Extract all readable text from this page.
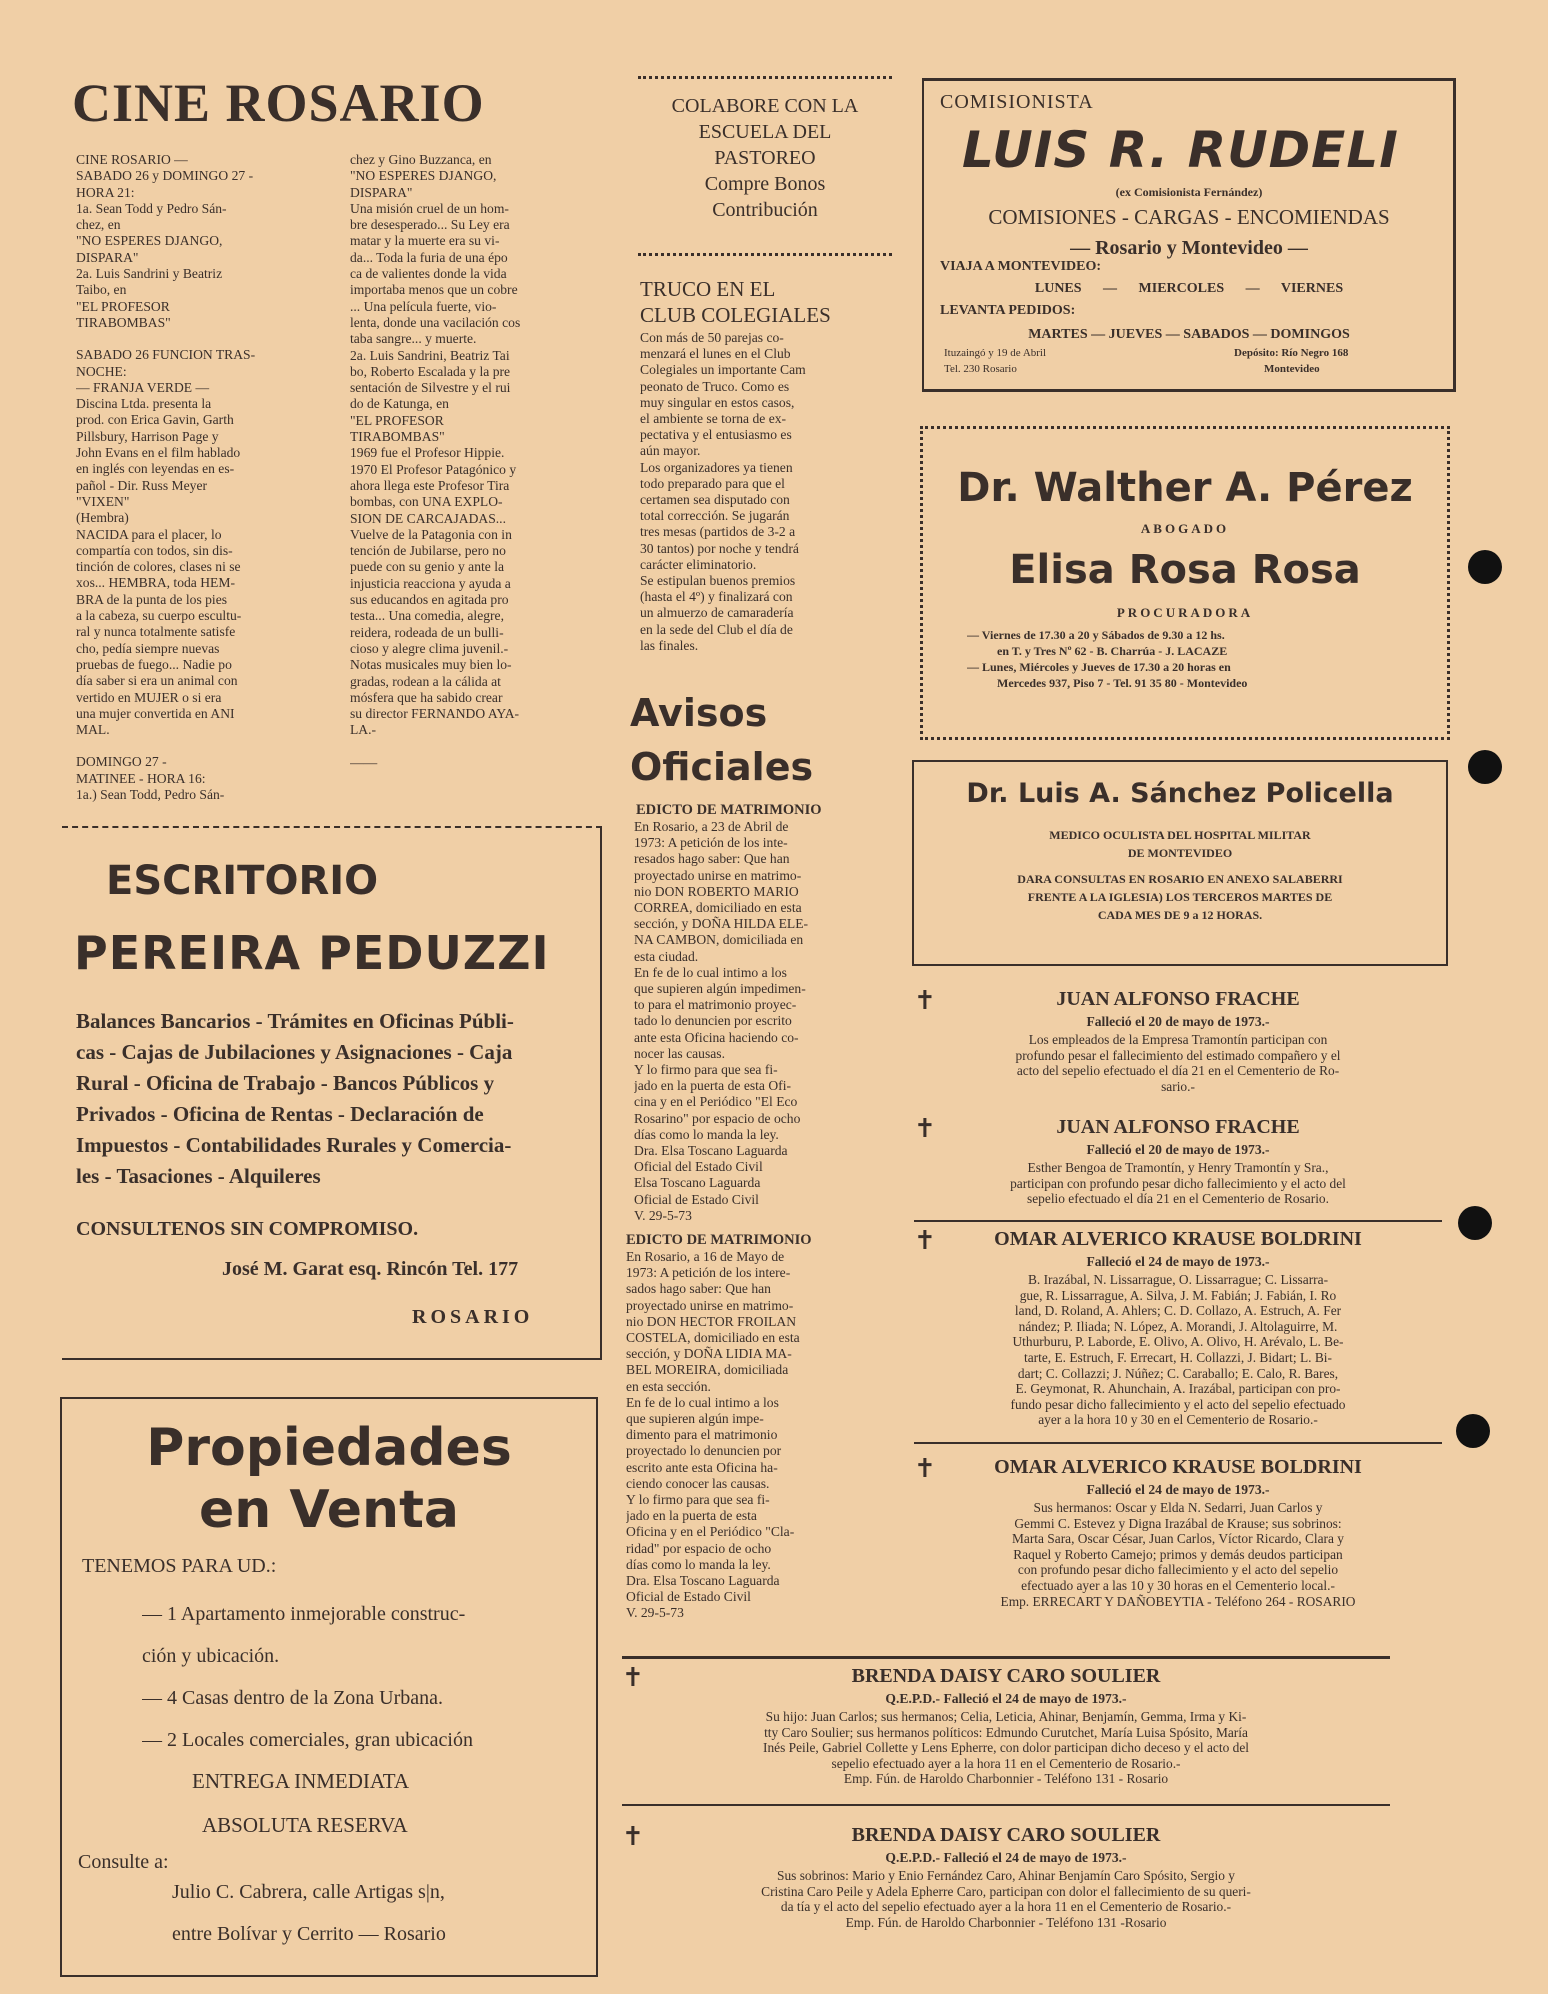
CINE ROSARIO
CINE ROSARIO —
SABADO 26 y DOMINGO 27 -
HORA 21:
1a. Sean Todd y Pedro Sán-
chez, en
"NO ESPERES DJANGO,
DISPARA"
2a. Luis Sandrini y Beatriz
Taibo, en
"EL PROFESOR
TIRABOMBAS"
SABADO 26 FUNCION TRAS-
NOCHE:
— FRANJA VERDE —
Discina Ltda. presenta la
prod. con Erica Gavin, Garth
Pillsbury, Harrison Page y
John Evans en el film hablado
en inglés con leyendas en es-
pañol - Dir. Russ Meyer
"VIXEN"
(Hembra)
NACIDA para el placer, lo
compartía con todos, sin dis-
tinción de colores, clases ni se
xos... HEMBRA, toda HEM-
BRA de la punta de los pies
a la cabeza, su cuerpo escultu-
ral y nunca totalmente satisfe
cho, pedía siempre nuevas
pruebas de fuego... Nadie po
día saber si era un animal con
vertido en MUJER o si era
una mujer convertida en ANI
MAL.
DOMINGO 27 -
MATINEE - HORA 16:
1a.) Sean Todd, Pedro Sán-
chez y Gino Buzzanca, en
"NO ESPERES DJANGO,
DISPARA"
Una misión cruel de un hom-
bre desesperado... Su Ley era
matar y la muerte era su vi-
da... Toda la furia de una épo
ca de valientes donde la vida
importaba menos que un cobre
... Una película fuerte, vio-
lenta, donde una vacilación cos
taba sangre... y muerte.
2a. Luis Sandrini, Beatriz Tai
bo, Roberto Escalada y la pre
sentación de Silvestre y el rui
do de Katunga, en
"EL PROFESOR
TIRABOMBAS"
1969 fue el Profesor Hippie.
1970 El Profesor Patagónico y
ahora llega este Profesor Tira
bombas, con UNA EXPLO-
SION DE CARCAJADAS...
Vuelve de la Patagonia con in
tención de Jubilarse, pero no
puede con su genio y ante la
injusticia reacciona y ayuda a
sus educandos en agitada pro
testa... Una comedia, alegre,
reidera, rodeada de un bulli-
cioso y alegre clima juvenil.-
Notas musicales muy bien lo-
gradas, rodean a la cálida at
mósfera que ha sabido crear
su director FERNANDO AYA-
LA.-
——
ESCRITORIO
PEREIRA PEDUZZI
Balances Bancarios - Trámites en Oficinas Públi-
cas - Cajas de Jubilaciones y Asignaciones - Caja
Rural - Oficina de Trabajo - Bancos Públicos y
Privados - Oficina de Rentas - Declaración de
Impuestos - Contabilidades Rurales y Comercia-
les - Tasaciones - Alquileres
CONSULTENOS SIN COMPROMISO.
José M. Garat esq. Rincón Tel. 177
ROSARIO
Propiedades
en Venta
TENEMOS PARA UD.:
— 1 Apartamento inmejorable construc-
ción y ubicación.
— 4 Casas dentro de la Zona Urbana.
— 2 Locales comerciales, gran ubicación
ENTREGA INMEDIATA
ABSOLUTA RESERVA
Consulte a:
Julio C. Cabrera, calle Artigas s|n,
entre Bolívar y Cerrito — Rosario
COLABORE CON LA
ESCUELA DEL
PASTOREO
Compre Bonos
Contribución
TRUCO EN EL
CLUB COLEGIALES
Con más de 50 parejas co-
menzará el lunes en el Club
Colegiales un importante Cam
peonato de Truco. Como es
muy singular en estos casos,
el ambiente se torna de ex-
pectativa y el entusiasmo es
aún mayor.
Los organizadores ya tienen
todo preparado para que el
certamen sea disputado con
total corrección. Se jugarán
tres mesas (partidos de 3-2 a
30 tantos) por noche y tendrá
carácter eliminatorio.
Se estipulan buenos premios
(hasta el 4º) y finalizará con
un almuerzo de camaradería
en la sede del Club el día de
las finales.
Avisos
Oficiales
EDICTO DE MATRIMONIO
En Rosario, a 23 de Abril de
1973: A petición de los inte-
resados hago saber: Que han
proyectado unirse en matrimo-
nio DON ROBERTO MARIO
CORREA, domiciliado en esta
sección, y DOÑA HILDA ELE-
NA CAMBON, domiciliada en
esta ciudad.
En fe de lo cual intimo a los
que supieren algún impedimen-
to para el matrimonio proyec-
tado lo denuncien por escrito
ante esta Oficina haciendo co-
nocer las causas.
Y lo firmo para que sea fi-
jado en la puerta de esta Ofi-
cina y en el Periódico "El Eco
Rosarino" por espacio de ocho
días como lo manda la ley.
Dra. Elsa Toscano Laguarda
Oficial del Estado Civil
Elsa Toscano Laguarda
Oficial de Estado Civil
V. 29-5-73
EDICTO DE MATRIMONIO
En Rosario, a 16 de Mayo de
1973: A petición de los intere-
sados hago saber: Que han
proyectado unirse en matrimo-
nio DON HECTOR FROILAN
COSTELA, domiciliado en esta
sección, y DOÑA LIDIA MA-
BEL MOREIRA, domiciliada
en esta sección.
En fe de lo cual intimo a los
que supieren algún impe-
dimento para el matrimonio
proyectado lo denuncien por
escrito ante esta Oficina ha-
ciendo conocer las causas.
Y lo firmo para que sea fi-
jado en la puerta de esta
Oficina y en el Periódico "Cla-
ridad" por espacio de ocho
días como lo manda la ley.
Dra. Elsa Toscano Laguarda
Oficial de Estado Civil
V. 29-5-73
COMISIONISTA
LUIS R. RUDELI
(ex Comisionista Fernández)
COMISIONES - CARGAS - ENCOMIENDAS
— Rosario y Montevideo —
VIAJA A MONTEVIDEO:
LUNES — MIERCOLES — VIERNES
LEVANTA PEDIDOS:
MARTES — JUEVES — SABADOS — DOMINGOS
Ituzaingó y 19 de Abril
Tel. 230 Rosario
Depósito: Río Negro 168
Montevideo
Dr. Walther A. Pérez
ABOGADO
Elisa Rosa Rosa
PROCURADORA
— Viernes de 17.30 a 20 y Sábados de 9.30 a 12 hs.
en T. y Tres Nº 62 - B. Charrúa - J. LACAZE
— Lunes, Miércoles y Jueves de 17.30 a 20 horas en
Mercedes 937, Piso 7 - Tel. 91 35 80 - Montevideo
Dr. Luis A. Sánchez Policella
MEDICO OCULISTA DEL HOSPITAL MILITAR
DE MONTEVIDEO
DARA CONSULTAS EN ROSARIO EN ANEXO SALABERRI
FRENTE A LA IGLESIA) LOS TERCEROS MARTES DE
CADA MES DE 9 a 12 HORAS.
✝	JUAN ALFONSO FRACHE
Falleció el 20 de mayo de 1973.-
Los empleados de la Empresa Tramontín participan con
profundo pesar el fallecimiento del estimado compañero y el
acto del sepelio efectuado el día 21 en el Cementerio de Ro-
sario.-
✝	JUAN ALFONSO FRACHE
Falleció el 20 de mayo de 1973.-
Esther Bengoa de Tramontín, y Henry Tramontín y Sra.,
participan con profundo pesar dicho fallecimiento y el acto del
sepelio efectuado el día 21 en el Cementerio de Rosario.
✝	OMAR ALVERICO KRAUSE BOLDRINI
Falleció el 24 de mayo de 1973.-
B. Irazábal, N. Lissarrague, O. Lissarrague; C. Lissarra-
gue, R. Lissarrague, A. Silva, J. M. Fabián; J. Fabián, I. Ro
land, D. Roland, A. Ahlers; C. D. Collazo, A. Estruch, A. Fer
nández; P. Iliada; N. López, A. Morandi, J. Altolaguirre, M.
Uthurburu, P. Laborde, E. Olivo, A. Olivo, H. Arévalo, L. Be-
tarte, E. Estruch, F. Errecart, H. Collazzi, J. Bidart; L. Bi-
dart; C. Collazzi; J. Núñez; C. Caraballo; E. Calo, R. Bares,
E. Geymonat, R. Ahunchain, A. Irazábal, participan con pro-
fundo pesar dicho fallecimiento y el acto del sepelio efectuado
ayer a la hora 10 y 30 en el Cementerio de Rosario.-
✝	OMAR ALVERICO KRAUSE BOLDRINI
Falleció el 24 de mayo de 1973.-
Sus hermanos: Oscar y Elda N. Sedarri, Juan Carlos y
Gemmi C. Estevez y Digna Irazábal de Krause; sus sobrinos:
Marta Sara, Oscar César, Juan Carlos, Víctor Ricardo, Clara y
Raquel y Roberto Camejo; primos y demás deudos participan
con profundo pesar dicho fallecimiento y el acto del sepelio
efectuado ayer a las 10 y 30 horas en el Cementerio local.-
Emp. ERRECART Y DAÑOBEYTIA - Teléfono 264 - ROSARIO
✝	BRENDA DAISY CARO SOULIER
Q.E.P.D.- Falleció el 24 de mayo de 1973.-
Su hijo: Juan Carlos; sus hermanos; Celia, Leticia, Ahinar, Benjamín, Gemma, Irma y Ki-
tty Caro Soulier; sus hermanos políticos: Edmundo Curutchet, María Luisa Spósito, María
Inés Peile, Gabriel Collette y Lens Epherre, con dolor participan dicho deceso y el acto del
sepelio efectuado ayer a la hora 11 en el Cementerio de Rosario.-
Emp. Fún. de Haroldo Charbonnier - Teléfono 131 - Rosario
✝	BRENDA DAISY CARO SOULIER
Q.E.P.D.- Falleció el 24 de mayo de 1973.-
Sus sobrinos: Mario y Enio Fernández Caro, Ahinar Benjamín Caro Spósito, Sergio y
Cristina Caro Peile y Adela Epherre Caro, participan con dolor el fallecimiento de su queri-
da tía y el acto del sepelio efectuado ayer a la hora 11 en el Cementerio de Rosario.-
Emp. Fún. de Haroldo Charbonnier - Teléfono 131 -Rosario
